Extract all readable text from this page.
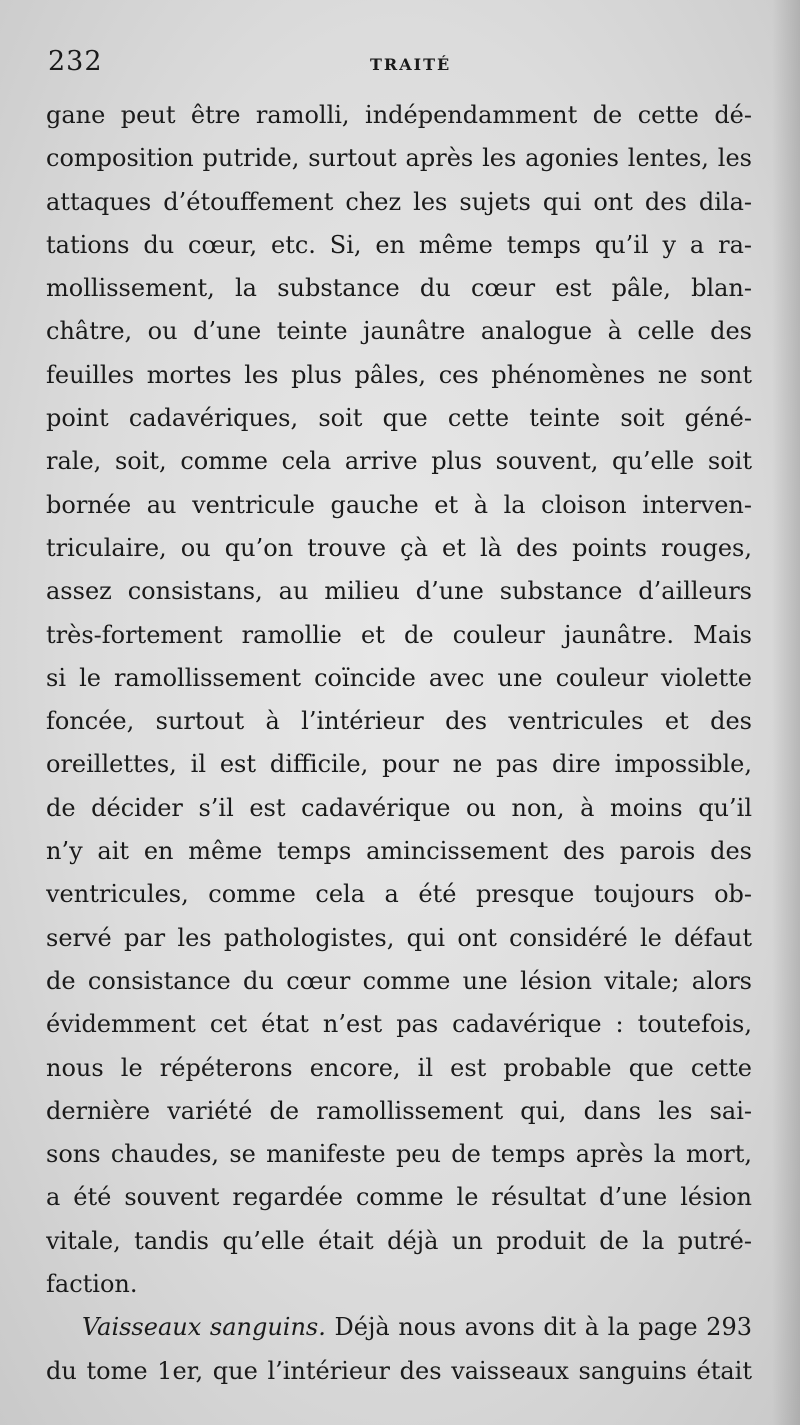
232	TRAITÉ
gane peut être ramolli, indépendamment de cette dé-
composition putride, surtout après les agonies lentes, les
attaques d’étouffement chez les sujets qui ont des dila-
tations du cœur, etc. Si, en même temps qu’il y a ra-
mollissement, la substance du cœur est pâle, blan-
châtre, ou d’une teinte jaunâtre analogue à celle des
feuilles mortes les plus pâles, ces phénomènes ne sont
point cadavériques, soit que cette teinte soit géné-
rale, soit, comme cela arrive plus souvent, qu’elle soit
bornée au ventricule gauche et à la cloison interven-
triculaire, ou qu’on trouve çà et là des points rouges,
assez consistans, au milieu d’une substance d’ailleurs
très-fortement ramollie et de couleur jaunâtre. Mais
si le ramollissement coïncide avec une couleur violette
foncée, surtout à l’intérieur des ventricules et des
oreillettes, il est difficile, pour ne pas dire impossible,
de décider s’il est cadavérique ou non, à moins qu’il
n’y ait en même temps amincissement des parois des
ventricules, comme cela a été presque toujours ob-
servé par les pathologistes, qui ont considéré le défaut
de consistance du cœur comme une lésion vitale; alors
évidemment cet état n’est pas cadavérique : toutefois,
nous le répéterons encore, il est probable que cette
dernière variété de ramollissement qui, dans les sai-
sons chaudes, se manifeste peu de temps après la mort,
a été souvent regardée comme le résultat d’une lésion
vitale, tandis qu’elle était déjà un produit de la putré-
faction.
Vaisseaux sanguins. Déjà nous avons dit à la page 293
du tome 1er, que l’intérieur des vaisseaux sanguins était
